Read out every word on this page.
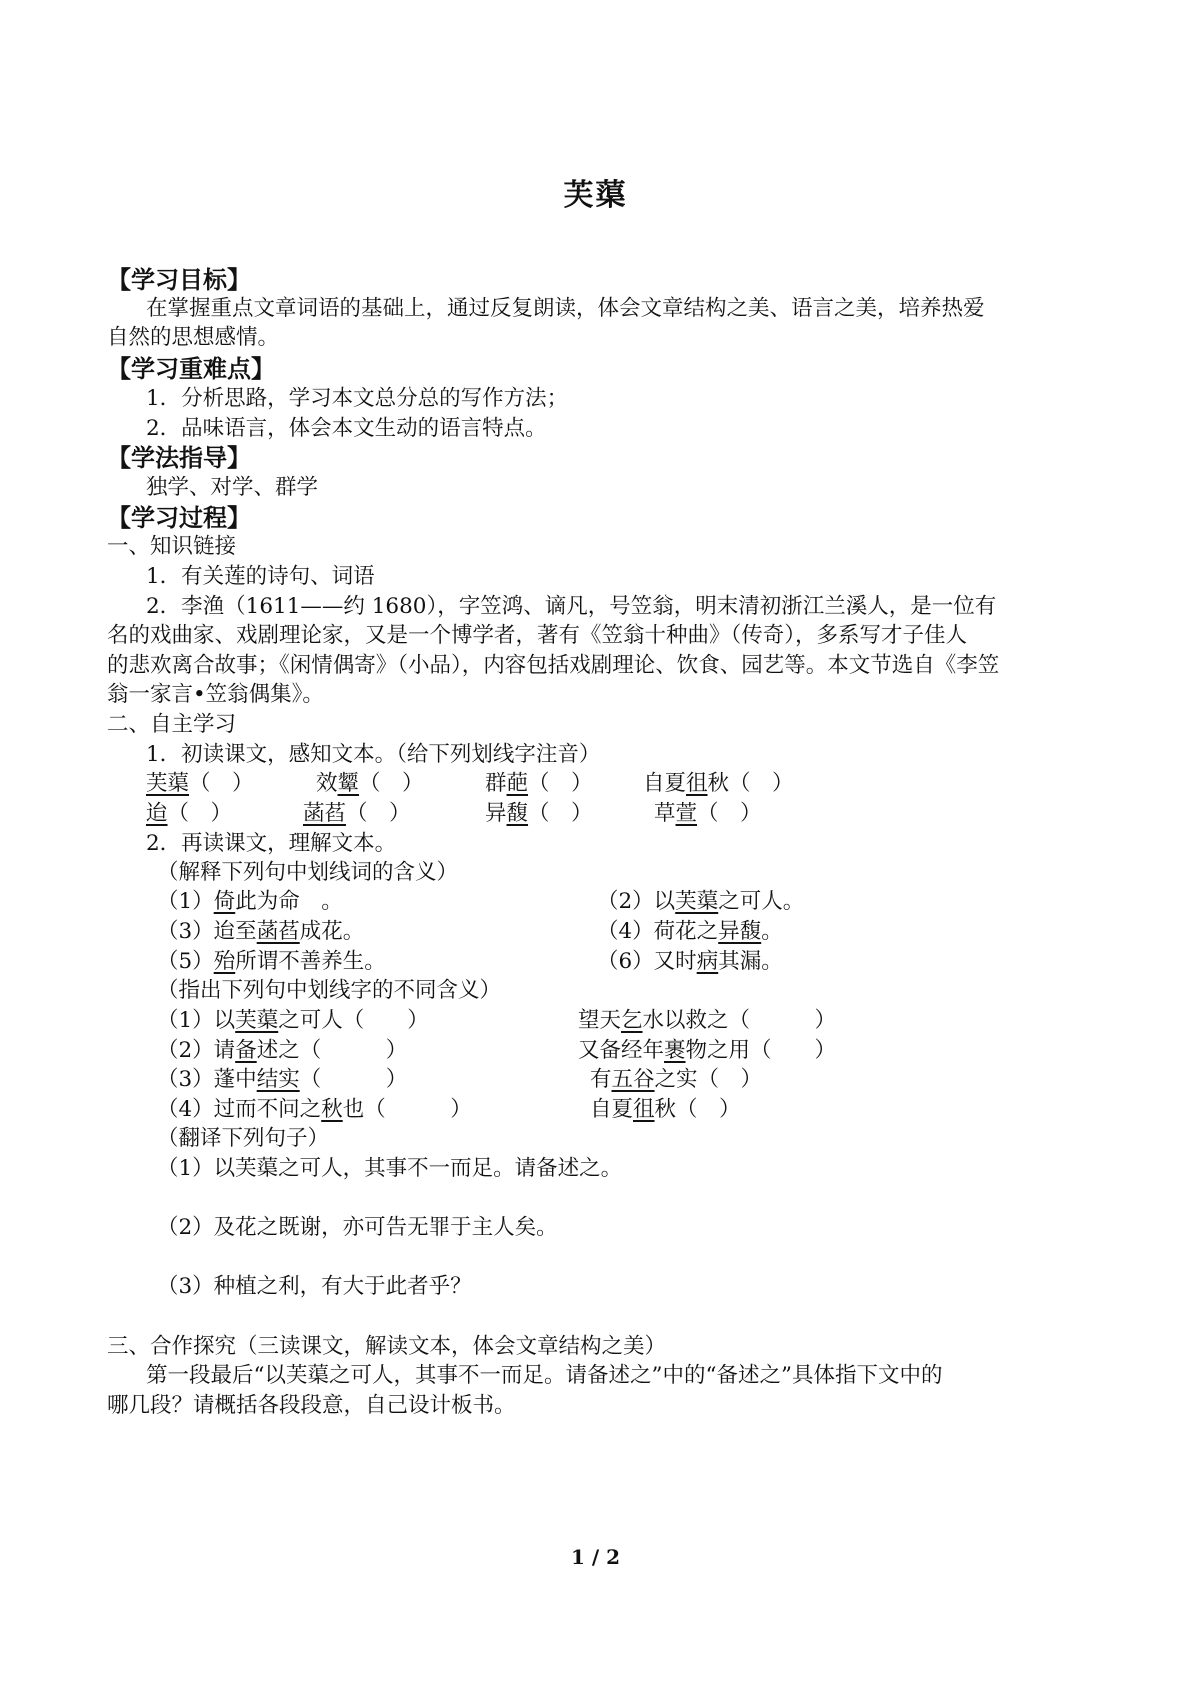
芙蕖
【学习目标】
在掌握重点文章词语的基础上，通过反复朗读，体会文章结构之美、语言之美，培养热爱
自然的思想感情。
【学习重难点】
1．分析思路，学习本文总分总的写作方法；
2．品味语言，体会本文生动的语言特点。
【学法指导】
独学、对学、群学
【学习过程】
一、知识链接
1．有关莲的诗句、词语
2．李渔（1611——约 1680），字笠鸿、谪凡，号笠翁，明末清初浙江兰溪人，是一位有
名的戏曲家、戏剧理论家，又是一个博学者，著有《笠翁十种曲》（传奇），多系写才子佳人
的悲欢离合故事；《闲情偶寄》（小品），内容包括戏剧理论、饮食、园艺等。本文节选自《李笠
翁一家言•笠翁偶集》。
二、自主学习
1．初读课文，感知文本。（给下列划线字注音）
芙蕖（　）	效颦（　）	群葩（　） 自夏徂秋（　）
迨（　）	菡萏（　）	异馥（　）	草萱（　）
2．再读课文，理解文本。
（解释下列句中划线词的含义）
（1）倚此为命　。	（2）以芙蕖之可人。
（3）迨至菡萏成花。	（4）荷花之异馥。
（5）殆所谓不善养生。	（6）又时病其漏。
（指出下列句中划线字的不同含义）
（1）以芙蕖之可人（　　）	望天乞水以救之（　　　）
（2）请备述之（　　　）	又备经年裹物之用（　　）
（3）蓬中结实（　　　）	有五谷之实（　）
（4）过而不问之秋也（　　　）	自夏徂秋（　）
（翻译下列句子）
（1）以芙蕖之可人，其事不一而足。请备述之。
（2）及花之既谢，亦可告无罪于主人矣。
（3）种植之利，有大于此者乎？
三、合作探究（三读课文，解读文本，体会文章结构之美）
第一段最后“以芙蕖之可人，其事不一而足。请备述之”中的“备述之”具体指下文中的
哪几段？请概括各段段意，自己设计板书。
1 / 2
